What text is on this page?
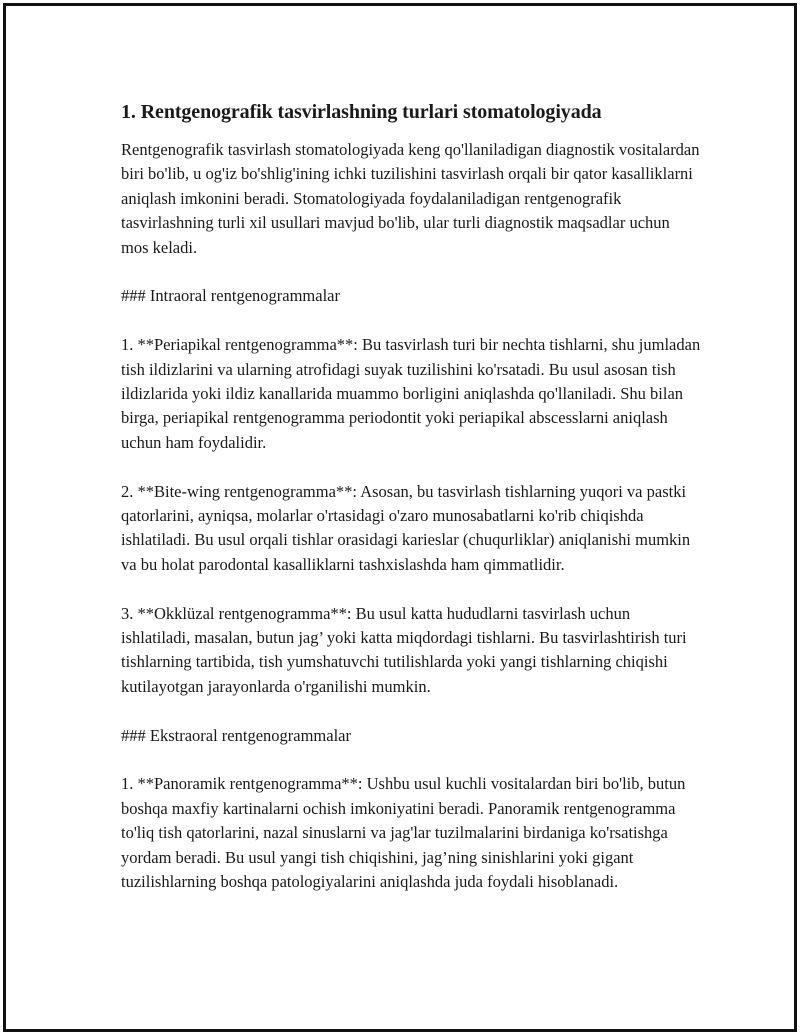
1. Rentgenografik tasvirlashning turlari stomatologiyada

Rentgenografik tasvirlash stomatologiyada keng qo'llaniladigan diagnostik vositalardan biri bo'lib, u og'iz bo'shlig'ining ichki tuzilishini tasvirlash orqali bir qator kasalliklarni aniqlash imkonini beradi. Stomatologiyada foydalaniladigan rentgenografik tasvirlashning turli xil usullari mavjud bo'lib, ular turli diagnostik maqsadlar uchun mos keladi.

### Intraoral rentgenogrammalar

1. **Periapikal rentgenogramma**: Bu tasvirlash turi bir nechta tishlarni, shu jumladan tish ildizlarini va ularning atrofidagi suyak tuzilishini ko'rsatadi. Bu usul asosan tish ildizlarida yoki ildiz kanallarida muammo borligini aniqlashda qo'llaniladi. Shu bilan birga, periapikal rentgenogramma periodontit yoki periapikal abscesslarni aniqlash uchun ham foydalidir.

2. **Bite-wing rentgenogramma**: Asosan, bu tasvirlash tishlarning yuqori va pastki qatorlarini, ayniqsa, molarlar o'rtasidagi o'zaro munosabatlarni ko'rib chiqishda ishlatiladi. Bu usul orqali tishlar orasidagi karieslar (chuqurliklar) aniqlanishi mumkin va bu holat parodontal kasalliklarni tashxislashda ham qimmatlidir.

3. **Okklüzal rentgenogramma**: Bu usul katta hududlarni tasvirlash uchun ishlatiladi, masalan, butun jag’ yoki katta miqdordagi tishlarni. Bu tasvirlashtirish turi tishlarning tartibida, tish yumshatuvchi tutilishlarda yoki yangi tishlarning chiqishi kutilayotgan jarayonlarda o'rganilishi mumkin.

### Ekstraoral rentgenogrammalar

1. **Panoramik rentgenogramma**: Ushbu usul kuchli vositalardan biri bo'lib, butun boshqa maxfiy kartinalarni ochish imkoniyatini beradi. Panoramik rentgenogramma to'liq tish qatorlarini, nazal sinuslarni va jag'lar tuzilmalarini birdaniga ko'rsatishga yordam beradi. Bu usul yangi tish chiqishini, jag’ning sinishlarini yoki gigant tuzilishlarning boshqa patologiyalarini aniqlashda juda foydali hisoblanadi.
